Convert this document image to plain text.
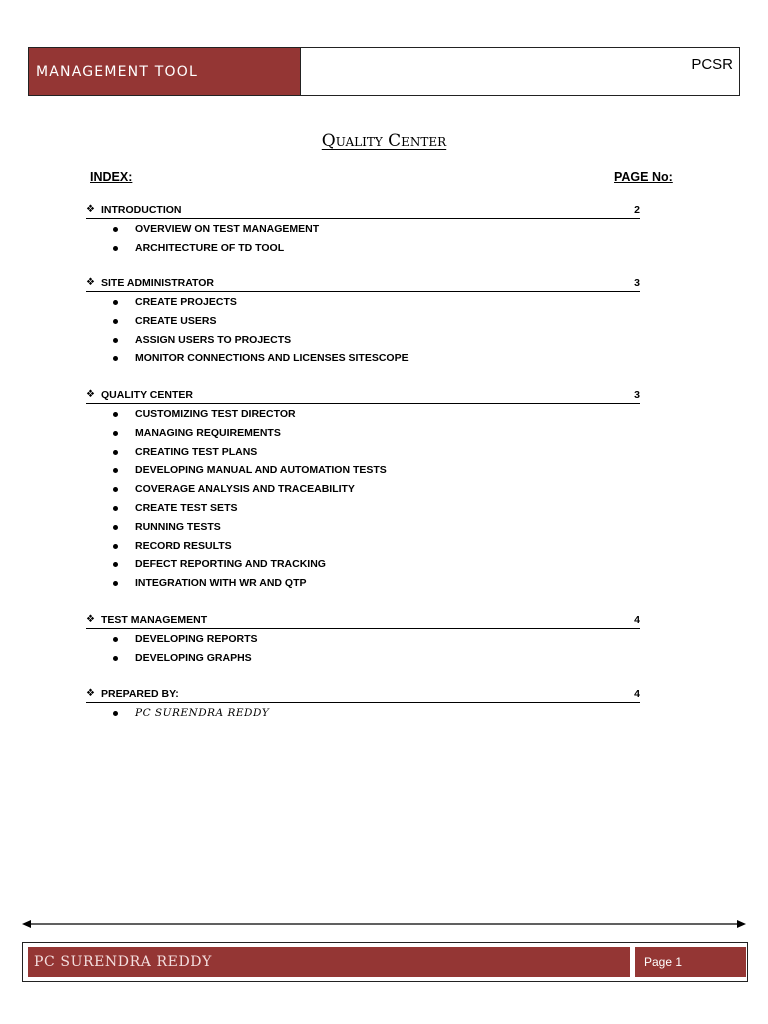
MANAGEMENT TOOL	PCSR
Quality Center
INDEX:	PAGE No:
❖ INTRODUCTION	2
OVERVIEW ON TEST MANAGEMENT
ARCHITECTURE OF TD TOOL
❖ SITE ADMINISTRATOR	3
CREATE PROJECTS
CREATE USERS
ASSIGN USERS TO PROJECTS
MONITOR CONNECTIONS AND LICENSES SITESCOPE
❖ QUALITY CENTER	3
CUSTOMIZING TEST DIRECTOR
MANAGING REQUIREMENTS
CREATING TEST PLANS
DEVELOPING MANUAL AND AUTOMATION TESTS
COVERAGE ANALYSIS AND TRACEABILITY
CREATE TEST SETS
RUNNING TESTS
RECORD RESULTS
DEFECT REPORTING AND TRACKING
INTEGRATION WITH WR AND QTP
❖ TEST MANAGEMENT	4
DEVELOPING REPORTS
DEVELOPING GRAPHS
❖ PREPARED BY:	4
PC SURENDRA REDDY
PC SURENDRA REDDY	Page 1
